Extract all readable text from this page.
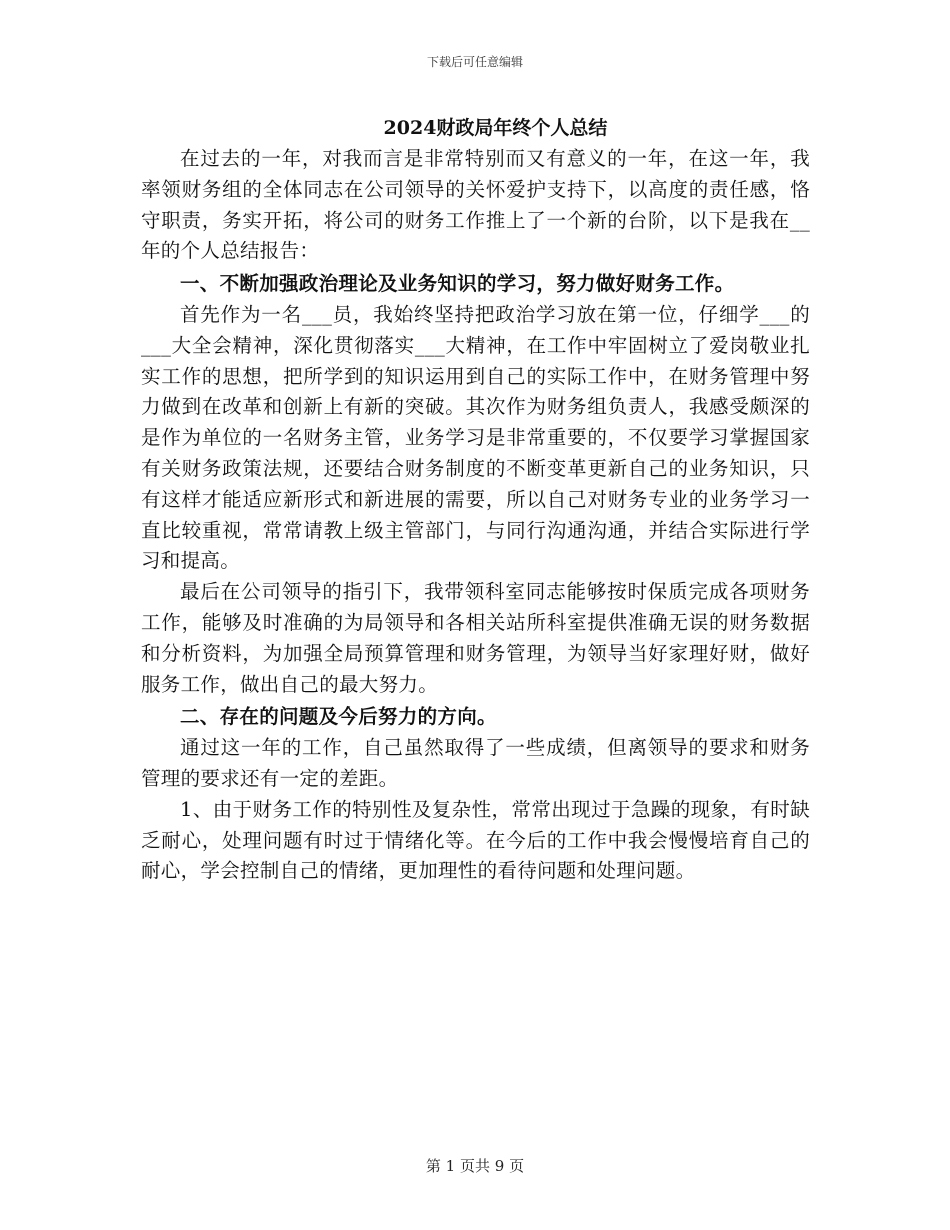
下载后可任意编辑
2024财政局年终个人总结

在过去的一年，对我而言是非常特别而又有意义的一年，在这一年，我率领财务组的全体同志在公司领导的关怀爱护支持下，以高度的责任感，恪守职责，务实开拓，将公司的财务工作推上了一个新的台阶，以下是我在__年的个人总结报告：

一、不断加强政治理论及业务知识的学习，努力做好财务工作。

首先作为一名___员，我始终坚持把政治学习放在第一位，仔细学___的___大全会精神，深化贯彻落实___大精神，在工作中牢固树立了爱岗敬业扎实工作的思想，把所学到的知识运用到自己的实际工作中，在财务管理中努力做到在改革和创新上有新的突破。其次作为财务组负责人，我感受颇深的是作为单位的一名财务主管，业务学习是非常重要的，不仅要学习掌握国家有关财务政策法规，还要结合财务制度的不断变革更新自己的业务知识，只有这样才能适应新形式和新进展的需要，所以自己对财务专业的业务学习一直比较重视，常常请教上级主管部门，与同行沟通沟通，并结合实际进行学习和提高。

最后在公司领导的指引下，我带领科室同志能够按时保质完成各项财务工作，能够及时准确的为局领导和各相关站所科室提供准确无误的财务数据和分析资料，为加强全局预算管理和财务管理，为领导当好家理好财，做好服务工作，做出自己的最大努力。

二、存在的问题及今后努力的方向。

通过这一年的工作，自己虽然取得了一些成绩，但离领导的要求和财务管理的要求还有一定的差距。

1、由于财务工作的特别性及复杂性，常常出现过于急躁的现象，有时缺乏耐心，处理问题有时过于情绪化等。在今后的工作中我会慢慢培育自己的耐心，学会控制自己的情绪，更加理性的看待问题和处理问题。

第 1 页共 9 页
